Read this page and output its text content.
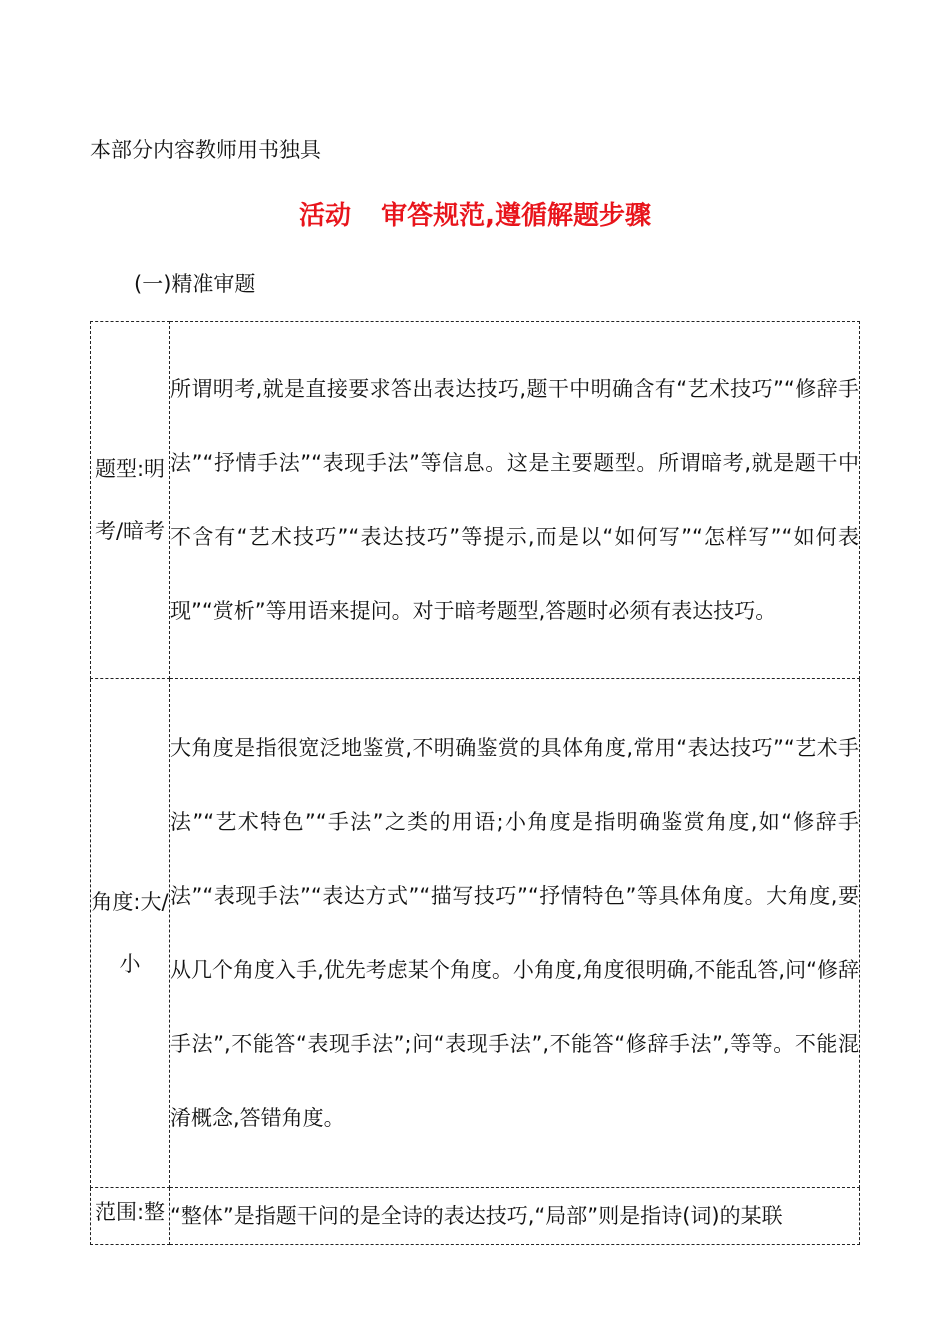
本部分内容教师用书独具
活动 审答规范,遵循解题步骤
(一)精准审题
题型:明考/暗考	所谓明考,就是直接要求答出表达技巧,题干中明确含有“艺术技巧”“修辞手法”“抒情手法”“表现手法”等信息。这是主要题型。所谓暗考,就是题干中不含有“艺术技巧”“表达技巧”等提示,而是以“如何写”“怎样写”“如何表现”“赏析”等用语来提问。对于暗考题型,答题时必须有表达技巧。
角度:大/小	大角度是指很宽泛地鉴赏,不明确鉴赏的具体角度,常用“表达技巧”“艺术手法”“艺术特色”“手法”之类的用语;小角度是指明确鉴赏角度,如“修辞手法”“表现手法”“表达方式”“描写技巧”“抒情特色”等具体角度。大角度,要从几个角度入手,优先考虑某个角度。小角度,角度很明确,不能乱答,问“修辞手法”,不能答“表现手法”;问“表现手法”,不能答“修辞手法”,等等。不能混淆概念,答错角度。
范围:整	“整体”是指题干问的是全诗的表达技巧,“局部”则是指诗(词)的某联
